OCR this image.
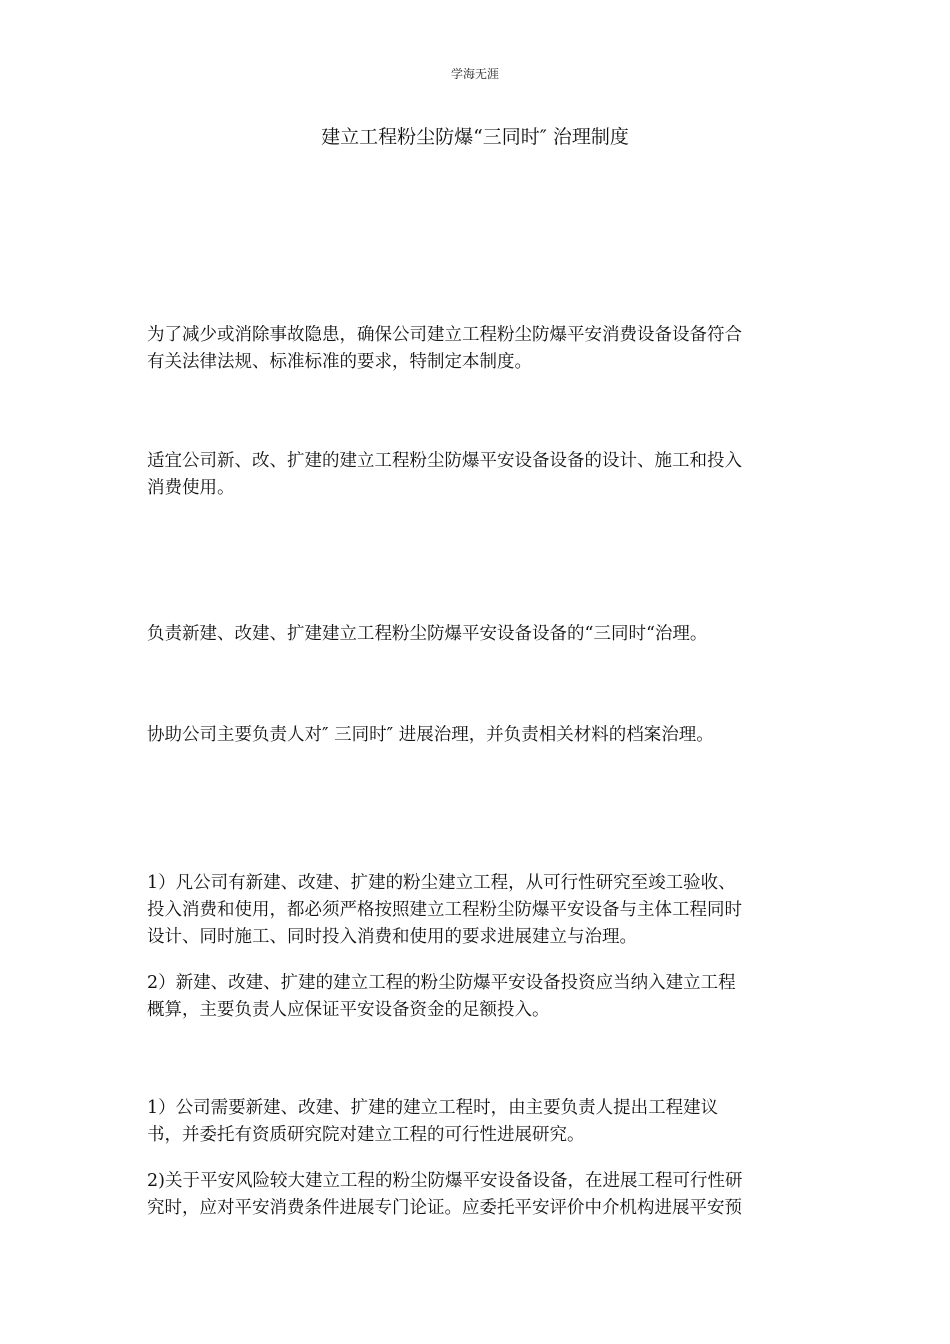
学海无涯
建立工程粉尘防爆“三同时″ 治理制度

为了减少或消除事故隐患，确保公司建立工程粉尘防爆平安消费设备设备符合
有关法律法规、标准标准的要求，特制定本制度。

适宜公司新、改、扩建的建立工程粉尘防爆平安设备设备的设计、施工和投入
消费使用。

负责新建、改建、扩建建立工程粉尘防爆平安设备设备的“三同时“治理。

协助公司主要负责人对″ 三同时″ 进展治理，并负责相关材料的档案治理。

1）凡公司有新建、改建、扩建的粉尘建立工程，从可行性研究至竣工验收、
投入消费和使用，都必须严格按照建立工程粉尘防爆平安设备与主体工程同时
设计、同时施工、同时投入消费和使用的要求进展建立与治理。

2）新建、改建、扩建的建立工程的粉尘防爆平安设备投资应当纳入建立工程
概算，主要负责人应保证平安设备资金的足额投入。

1）公司需要新建、改建、扩建的建立工程时，由主要负责人提出工程建议
书，并委托有资质研究院对建立工程的可行性进展研究。

2)关于平安风险较大建立工程的粉尘防爆平安设备设备，在进展工程可行性研
究时，应对平安消费条件进展专门论证。应委托平安评价中介机构进展平安预
